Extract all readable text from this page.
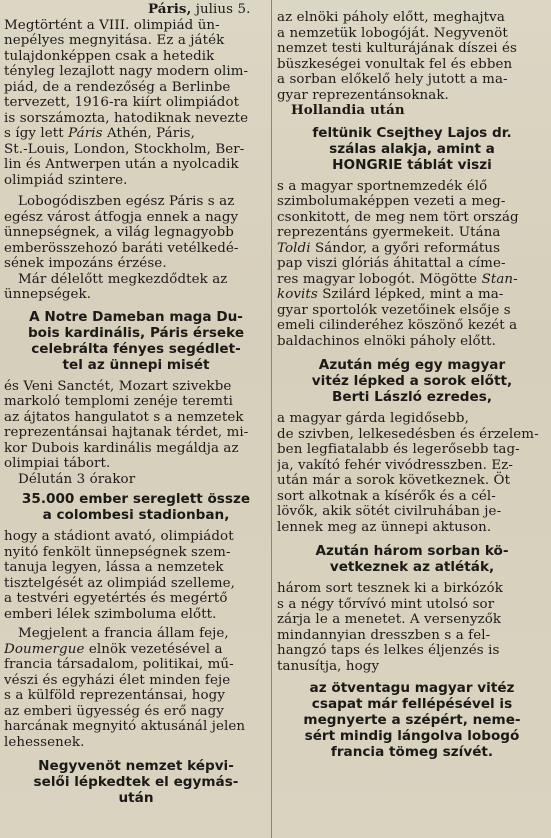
Páris, julius 5.
Megtörtént a VIII. olimpiád ün-
nepélyes megnyitása. Ez a játék
tulajdonképpen csak a hetedik
tényleg lezajlott nagy modern olim-
piád, de a rendezőség a Berlinbe
tervezett, 1916-ra kiírt olimpiádot
is sorszámozta, hatodiknak nevezte
s így lett Páris Athén, Páris,
St.-Louis, London, Stockholm, Ber-
lin és Antwerpen után a nyolcadik
olimpiád szintere.

Lobogódiszben egész Páris s az
egész várost átfogja ennek a nagy
ünnepségnek, a világ legnagyobb
emberösszehozó baráti vetélkedé-
sének impozáns érzése.

Már délelőtt megkezdődtek az
ünnepségek.

A Notre Dameban maga Du-
bois kardinális, Páris érseke
celebrálta fényes segédlet-
tel az ünnepi misét

és Veni Sanctét, Mozart szivekbe
markoló templomi zenéje teremti
az ájtatos hangulatot s a nemzetek
reprezentánsai hajtanak térdet, mi-
kor Dubois kardinális megáldja az
olimpiai tábort.

Délután 3 órakor

35.000 ember sereglett össze
a colombesi stadionban,

hogy a stádiont avató, olimpiádot
nyitó fenkölt ünnepségnek szem-
tanuja legyen, lássa a nemzetek
tisztelgését az olimpiád szelleme,
a testvéri egyetértés és megértő
emberi lélek szimboluma előtt.

Megjelent a francia állam feje,
Doumergue elnök vezetésével a
francia társadalom, politikai, mű-
vészi és egyházi élet minden feje
s a külföld reprezentánsai, hogy
az emberi ügyesség és erő nagy
harcának megnyitó aktusánál jelen
lehessenek.

Negyvenöt nemzet képvi-
selői lépkedtek el egymás-
után

az elnöki páholy előtt, meghajtva
a nemzetük lobogóját. Negyvenöt
nemzet testi kulturájának díszei és
büszkeségei vonultak fel és ebben
a sorban előkelő hely jutott a ma-
gyar reprezentánsoknak.

Hollandia után

feltünik Csejthey Lajos dr.
szálas alakja, amint a
HONGRIE táblát viszi

s a magyar sportnemzedék élő
szimbolumaképpen vezeti a meg-
csonkitott, de meg nem tört ország
reprezentáns gyermekeit. Utána
Toldi Sándor, a győri református
pap viszi glóriás áhitattal a címe-
res magyar lobogót. Mögötte Stan-
kovits Szilárd lépked, mint a ma-
gyar sportolók vezetőinek elsője s
emeli cilinderéhez köszönő kezét a
baldachinos elnöki páholy előtt.

Azután még egy magyar
vitéz lépked a sorok előtt,
Berti László ezredes,

a magyar gárda legidősebb,
de szivben, lelkesedésben és érzelem-
ben legfiatalabb és legerősebb tag-
ja, vakító fehér vivódresszben. Ez-
után már a sorok következnek. Öt
sort alkotnak a kísérők és a cél-
lövők, akik sötét civilruhában je-
lennek meg az ünnepi aktuson.

Azután három sorban kö-
vetkeznek az atléták,

három sort tesznek ki a birkózók
s a négy tőrvívó mint utolsó sor
zárja le a menetet. A versenyzők
mindannyian dresszben s a fel-
hangzó taps és lelkes éljenzés is
tanusítja, hogy

az ötventagu magyar vitéz
csapat már fellépésével is
megnyerte a szépért, neme-
sért mindig lángolva lobogó
francia tömeg szívét.
